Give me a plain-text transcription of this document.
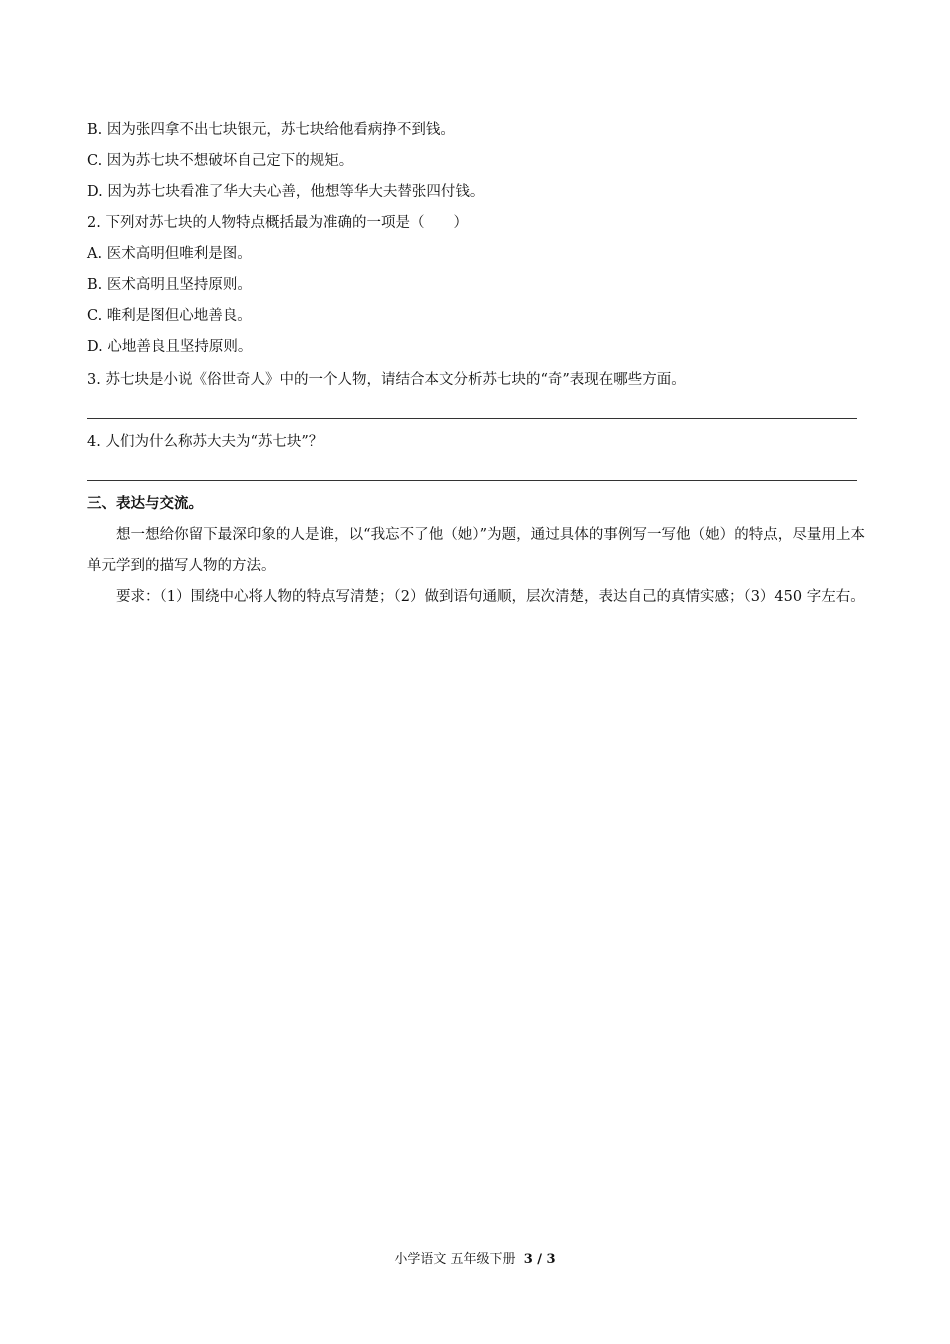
B. 因为张四拿不出七块银元，苏七块给他看病挣不到钱。
C. 因为苏七块不想破坏自己定下的规矩。
D. 因为苏七块看准了华大夫心善，他想等华大夫替张四付钱。
2. 下列对苏七块的人物特点概括最为准确的一项是（　　）
A. 医术高明但唯利是图。
B. 医术高明且坚持原则。
C. 唯利是图但心地善良。
D. 心地善良且坚持原则。
3. 苏七块是小说《俗世奇人》中的一个人物，请结合本文分析苏七块的“奇”表现在哪些方面。
4. 人们为什么称苏大夫为“苏七块”？
三、表达与交流。
想一想给你留下最深印象的人是谁，以“我忘不了他（她）”为题，通过具体的事例写一写他（她）的特点，尽量用上本单元学到的描写人物的方法。
要求：（1）围绕中心将人物的特点写清楚；（2）做到语句通顺，层次清楚，表达自己的真情实感；（3）450 字左右。
小学语文 五年级下册 3 / 3
